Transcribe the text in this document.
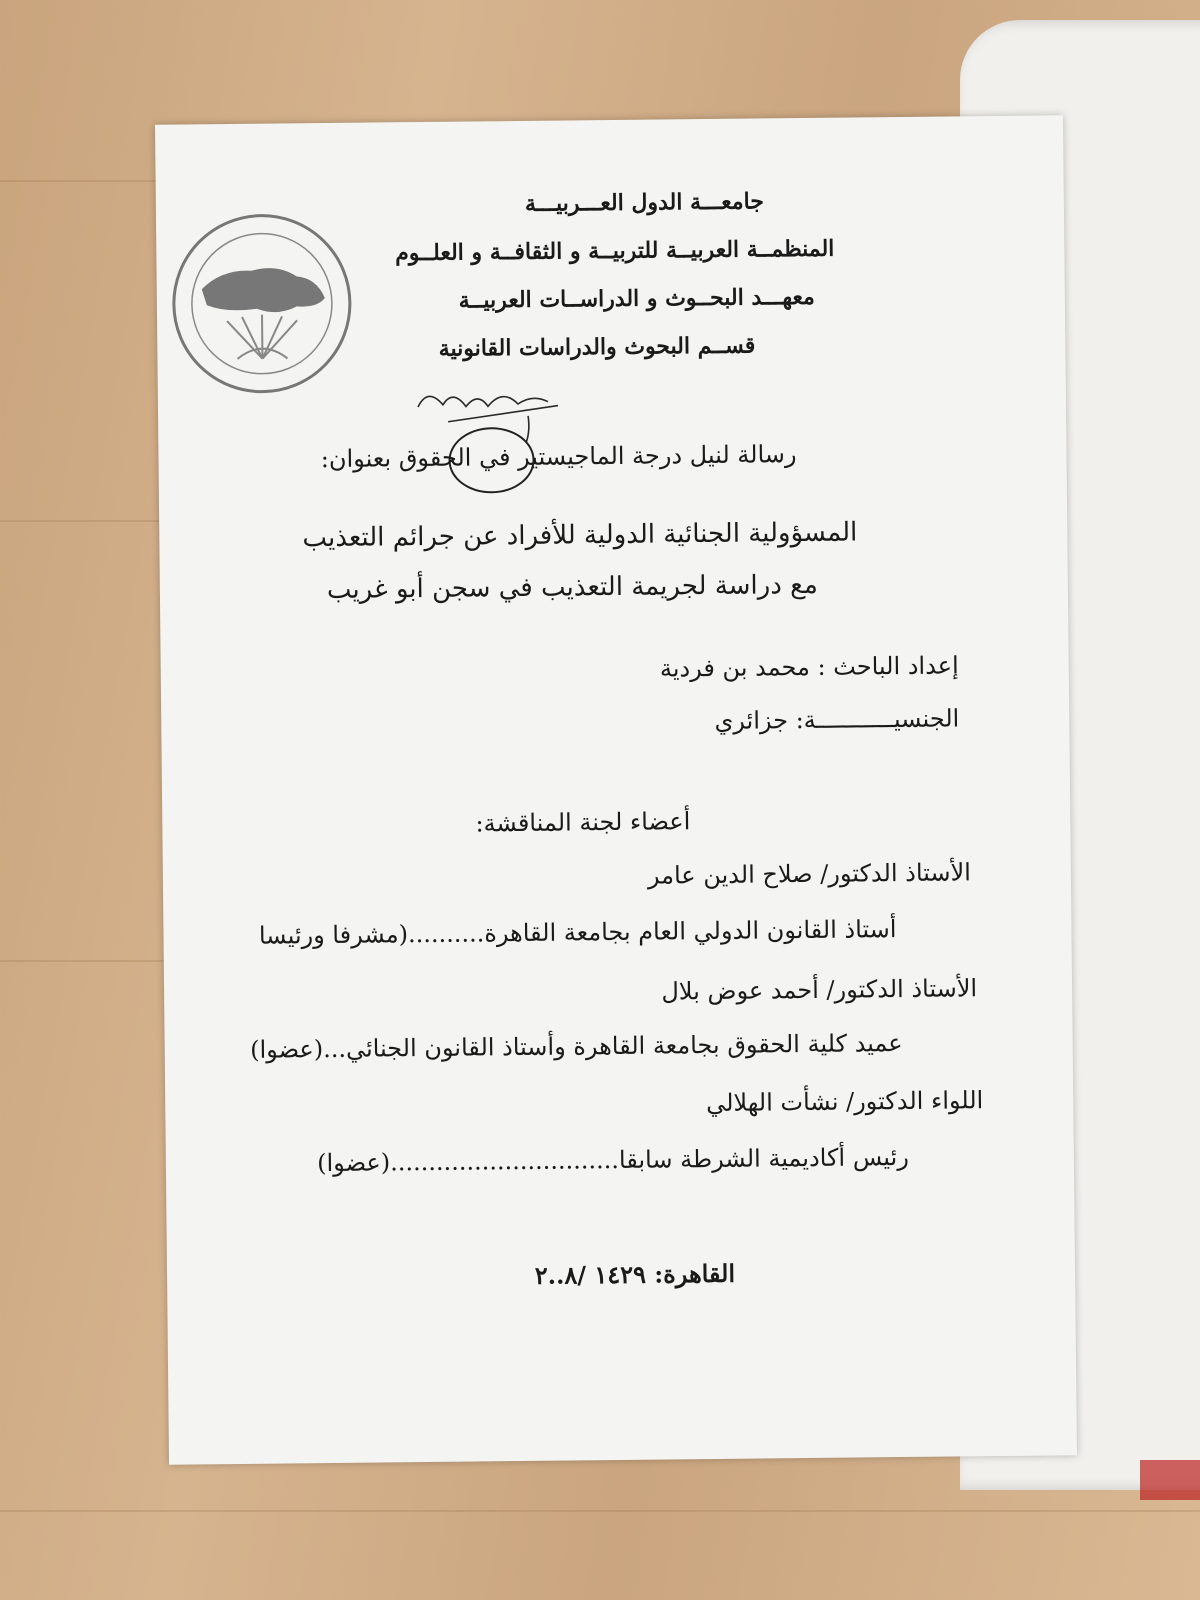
جامعـــة الدول العـــربيـــة
المنظمــة العربيــة للتربيــة و الثقافــة و العلــوم
معهـــد البحــوث و الدراســات العربيــة
قســم البحوث والدراسات القانونية
رسالة لنيل درجة الماجيستير في الحقوق بعنوان:
المسؤولية الجنائية الدولية للأفراد عن جرائم التعذيب
مع دراسة لجريمة التعذيب في سجن أبو غريب
إعداد الباحث : محمد بن فردية
الجنسيـــــــــــة: جزائري
أعضاء لجنة المناقشة:
الأستاذ الدكتور/ صلاح الدين عامر
أستاذ القانون الدولي العام بجامعة القاهرة..........(مشرفا ورئيسا
الأستاذ الدكتور/ أحمد عوض بلال
عميد كلية الحقوق بجامعة القاهرة وأستاذ القانون الجنائي...(عضوا)
اللواء الدكتور/ نشأت الهلالي
رئيس أكاديمية الشرطة سابقا..............................(عضوا)
القاهرة: ١٤٢٩ /٨..٢
